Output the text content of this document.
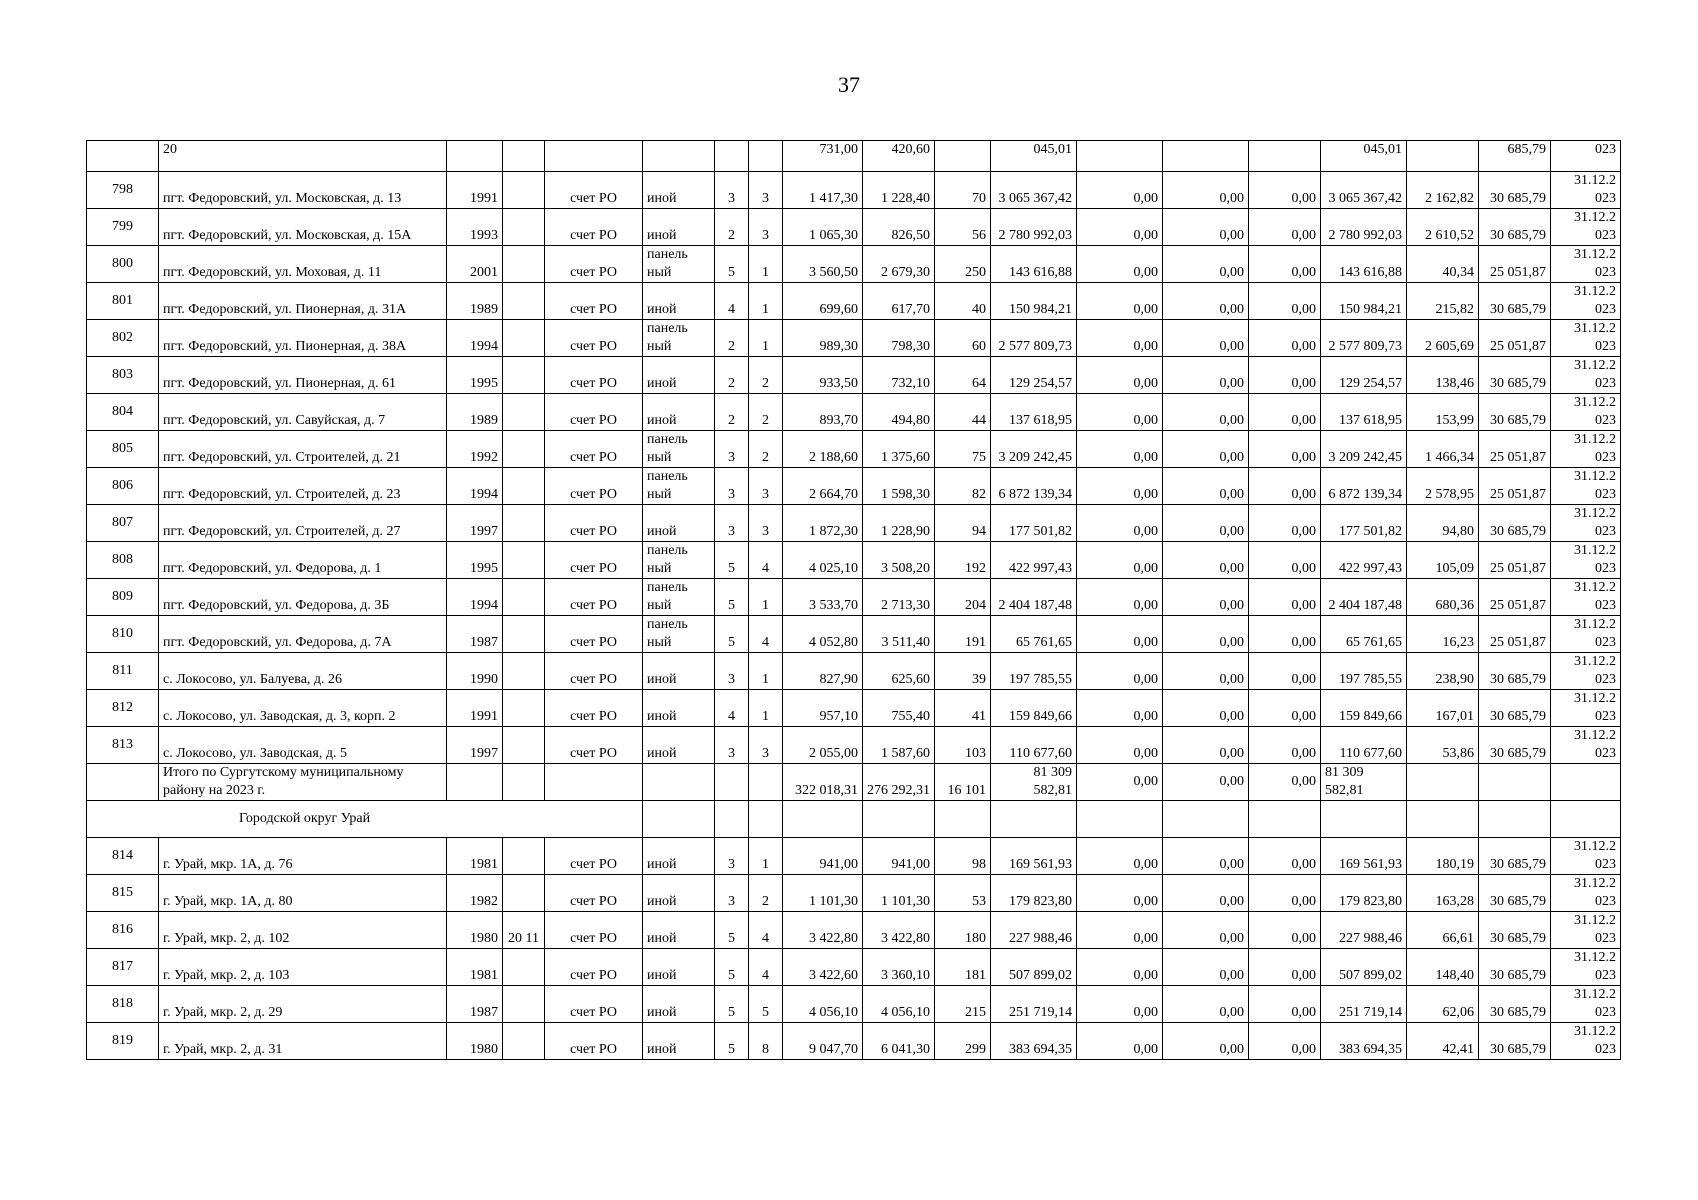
37
	20							731,00	420,60		045,01				045,01		685,79	023
798	пгт. Федоровский, ул. Московская, д. 13	1991		счет РО	иной	3	3	1 417,30	1 228,40	70	3 065 367,42	0,00	0,00	0,00	3 065 367,42	2 162,82	30 685,79	31.12.2 023
799	пгт. Федоровский, ул. Московская, д. 15А	1993		счет РО	иной	2	3	1 065,30	826,50	56	2 780 992,03	0,00	0,00	0,00	2 780 992,03	2 610,52	30 685,79	31.12.2 023
800	пгт. Федоровский, ул. Моховая, д. 11	2001		счет РО	панель ный	5	1	3 560,50	2 679,30	250	143 616,88	0,00	0,00	0,00	143 616,88	40,34	25 051,87	31.12.2 023
801	пгт. Федоровский, ул. Пионерная, д. 31А	1989		счет РО	иной	4	1	699,60	617,70	40	150 984,21	0,00	0,00	0,00	150 984,21	215,82	30 685,79	31.12.2 023
802	пгт. Федоровский, ул. Пионерная, д. 38А	1994		счет РО	панель ный	2	1	989,30	798,30	60	2 577 809,73	0,00	0,00	0,00	2 577 809,73	2 605,69	25 051,87	31.12.2 023
803	пгт. Федоровский, ул. Пионерная, д. 61	1995		счет РО	иной	2	2	933,50	732,10	64	129 254,57	0,00	0,00	0,00	129 254,57	138,46	30 685,79	31.12.2 023
804	пгт. Федоровский, ул. Савуйская, д. 7	1989		счет РО	иной	2	2	893,70	494,80	44	137 618,95	0,00	0,00	0,00	137 618,95	153,99	30 685,79	31.12.2 023
805	пгт. Федоровский, ул. Строителей, д. 21	1992		счет РО	панель ный	3	2	2 188,60	1 375,60	75	3 209 242,45	0,00	0,00	0,00	3 209 242,45	1 466,34	25 051,87	31.12.2 023
806	пгт. Федоровский, ул. Строителей, д. 23	1994		счет РО	панель ный	3	3	2 664,70	1 598,30	82	6 872 139,34	0,00	0,00	0,00	6 872 139,34	2 578,95	25 051,87	31.12.2 023
807	пгт. Федоровский, ул. Строителей, д. 27	1997		счет РО	иной	3	3	1 872,30	1 228,90	94	177 501,82	0,00	0,00	0,00	177 501,82	94,80	30 685,79	31.12.2 023
808	пгт. Федоровский, ул. Федорова, д. 1	1995		счет РО	панель ный	5	4	4 025,10	3 508,20	192	422 997,43	0,00	0,00	0,00	422 997,43	105,09	25 051,87	31.12.2 023
809	пгт. Федоровский, ул. Федорова, д. 3Б	1994		счет РО	панель ный	5	1	3 533,70	2 713,30	204	2 404 187,48	0,00	0,00	0,00	2 404 187,48	680,36	25 051,87	31.12.2 023
810	пгт. Федоровский, ул. Федорова, д. 7А	1987		счет РО	панель ный	5	4	4 052,80	3 511,40	191	65 761,65	0,00	0,00	0,00	65 761,65	16,23	25 051,87	31.12.2 023
811	с. Локосово, ул. Балуева, д. 26	1990		счет РО	иной	3	1	827,90	625,60	39	197 785,55	0,00	0,00	0,00	197 785,55	238,90	30 685,79	31.12.2 023
812	с. Локосово, ул. Заводская, д. 3, корп. 2	1991		счет РО	иной	4	1	957,10	755,40	41	159 849,66	0,00	0,00	0,00	159 849,66	167,01	30 685,79	31.12.2 023
813	с. Локосово, ул. Заводская, д. 5	1997		счет РО	иной	3	3	2 055,00	1 587,60	103	110 677,60	0,00	0,00	0,00	110 677,60	53,86	30 685,79	31.12.2 023
	Итого по Сургутскому муниципальному району на 2023 г.							322 018,31	276 292,31	16 101	81 309 582,81	0,00	0,00	0,00	81 309 582,81			
Городской округ Урай																		
814	г. Урай, мкр. 1А, д. 76	1981		счет РО	иной	3	1	941,00	941,00	98	169 561,93	0,00	0,00	0,00	169 561,93	180,19	30 685,79	31.12.2 023
815	г. Урай, мкр. 1А, д. 80	1982		счет РО	иной	3	2	1 101,30	1 101,30	53	179 823,80	0,00	0,00	0,00	179 823,80	163,28	30 685,79	31.12.2 023
816	г. Урай, мкр. 2, д. 102	1980	20 11	счет РО	иной	5	4	3 422,80	3 422,80	180	227 988,46	0,00	0,00	0,00	227 988,46	66,61	30 685,79	31.12.2 023
817	г. Урай, мкр. 2, д. 103	1981		счет РО	иной	5	4	3 422,60	3 360,10	181	507 899,02	0,00	0,00	0,00	507 899,02	148,40	30 685,79	31.12.2 023
818	г. Урай, мкр. 2, д. 29	1987		счет РО	иной	5	5	4 056,10	4 056,10	215	251 719,14	0,00	0,00	0,00	251 719,14	62,06	30 685,79	31.12.2 023
819	г. Урай, мкр. 2, д. 31	1980		счет РО	иной	5	8	9 047,70	6 041,30	299	383 694,35	0,00	0,00	0,00	383 694,35	42,41	30 685,79	31.12.2 023
